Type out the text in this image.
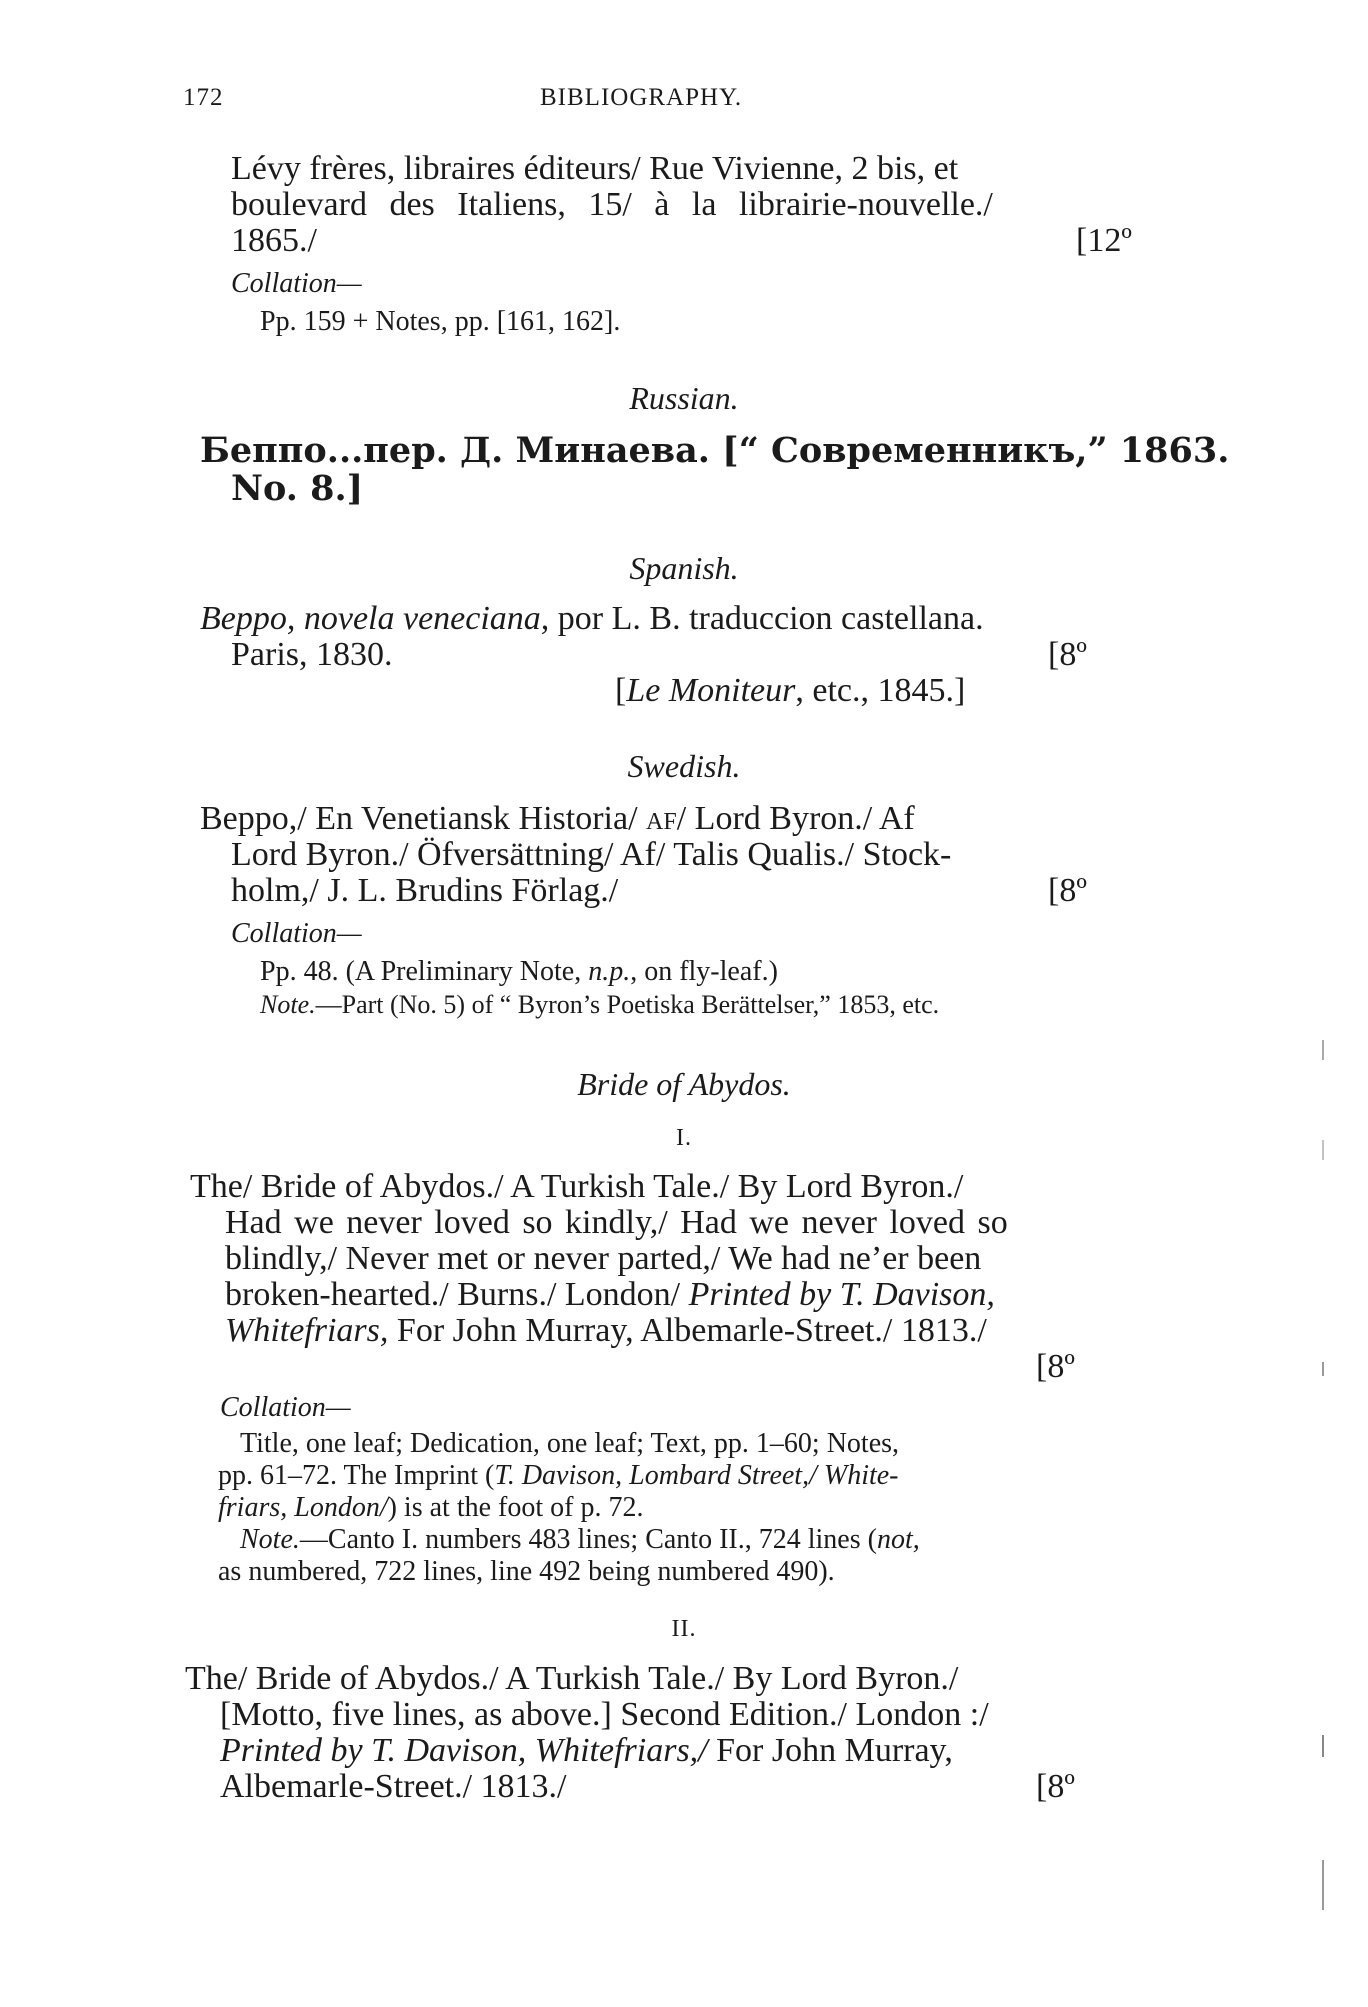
172	BIBLIOGRAPHY.
Lévy frères, libraires éditeurs/ Rue Vivienne, 2 bis, et
boulevard des Italiens, 15/ à la librairie-nouvelle./
1865./	[12º
Collation—
Pp. 159 + Notes, pp. [161, 162].
Russian.
Беппо...пер. Д. Минаева. [“ Современникъ,” 1863.
No. 8.]
Spanish.
Beppo, novela veneciana, por L. B. traduccion castellana.
Paris, 1830.	[8º
[Le Moniteur, etc., 1845.]
Swedish.
Beppo,/ En Venetiansk Historia/ af/ Lord Byron./ Af
Lord Byron./ Öfversättning/ Af/ Talis Qualis./ Stock-
holm,/ J. L. Brudins Förlag./	[8º
Collation—
Pp. 48. (A Preliminary Note, n.p., on fly-leaf.)
Note.—Part (No. 5) of “ Byron’s Poetiska Berättelser,” 1853, etc.
Bride of Abydos.
I.
The/ Bride of Abydos./ A Turkish Tale./ By Lord Byron./
Had we never loved so kindly,/ Had we never loved so
blindly,/ Never met or never parted,/ We had ne’er been
broken-hearted./ Burns./ London/ Printed by T. Davison,
Whitefriars, For John Murray, Albemarle-Street./ 1813./
[8º
Collation—
Title, one leaf; Dedication, one leaf; Text, pp. 1–60; Notes,
pp. 61–72. The Imprint (T. Davison, Lombard Street,/ White-
friars, London/) is at the foot of p. 72.
Note.—Canto I. numbers 483 lines; Canto II., 724 lines (not,
as numbered, 722 lines, line 492 being numbered 490).
II.
The/ Bride of Abydos./ A Turkish Tale./ By Lord Byron./
[Motto, five lines, as above.] Second Edition./ London :/
Printed by T. Davison, Whitefriars,/ For John Murray,
Albemarle-Street./ 1813./	[8º
